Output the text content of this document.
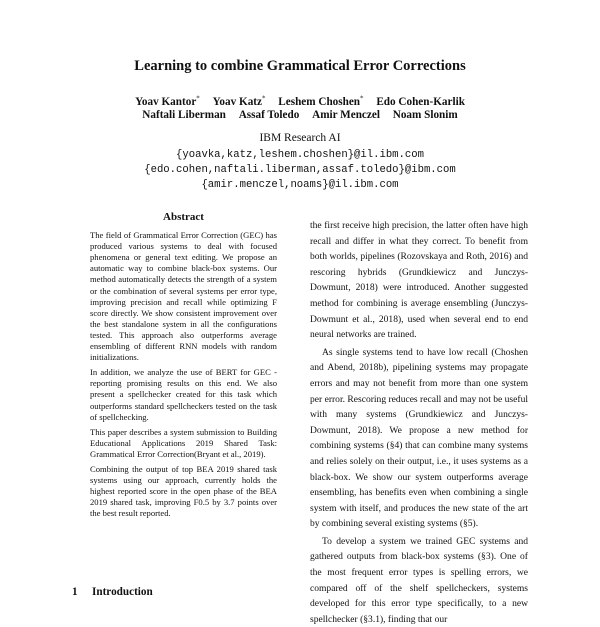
Learning to combine Grammatical Error Corrections
Yoav Kantor* Yoav Katz* Leshem Choshen* Edo Cohen-Karlik
Naftali Liberman Assaf Toledo Amir Menczel Noam Slonim
IBM Research AI
{yoavka,katz,leshem.choshen}@il.ibm.com
{edo.cohen,naftali.liberman,assaf.toledo}@ibm.com
{amir.menczel,noams}@il.ibm.com
Abstract

The field of Grammatical Error Correction (GEC) has produced various systems to deal with focused phenomena or general text editing. We propose an automatic way to combine black-box systems. Our method automatically detects the strength of a system or the combination of several systems per error type, improving precision and recall while optimizing F score directly. We show consistent improvement over the best standalone system in all the configurations tested. This approach also outperforms average ensembling of different RNN models with random initializations.

In addition, we analyze the use of BERT for GEC - reporting promising results on this end. We also present a spellchecker created for this task which outperforms standard spellcheckers tested on the task of spellchecking.

This paper describes a system submission to Building Educational Applications 2019 Shared Task: Grammatical Error Correction(Bryant et al., 2019).

Combining the output of top BEA 2019 shared task systems using our approach, currently holds the highest reported score in the open phase of the BEA 2019 shared task, improving F0.5 by 3.7 points over the best result reported.

1 Introduction

the first receive high precision, the latter often have high recall and differ in what they correct. To benefit from both worlds, pipelines (Rozovskaya and Roth, 2016) and rescoring hybrids (Grundkiewicz and Junczys-Dowmunt, 2018) were introduced. Another suggested method for combining is average ensembling (Junczys-Dowmunt et al., 2018), used when several end to end neural networks are trained.

As single systems tend to have low recall (Choshen and Abend, 2018b), pipelining systems may propagate errors and may not benefit from more than one system per error. Rescoring reduces recall and may not be useful with many systems (Grundkiewicz and Junczys-Dowmunt, 2018). We propose a new method for combining systems (§4) that can combine many systems and relies solely on their output, i.e., it uses systems as a black-box. We show our system outperforms average ensembling, has benefits even when combining a single system with itself, and produces the new state of the art by combining several existing systems (§5).

To develop a system we trained GEC systems and gathered outputs from black-box systems (§3). One of the most frequent error types is spelling errors, we compared off of the shelf spellcheckers, systems developed for this error type specifically, to a new spellchecker (§3.1), finding that our
